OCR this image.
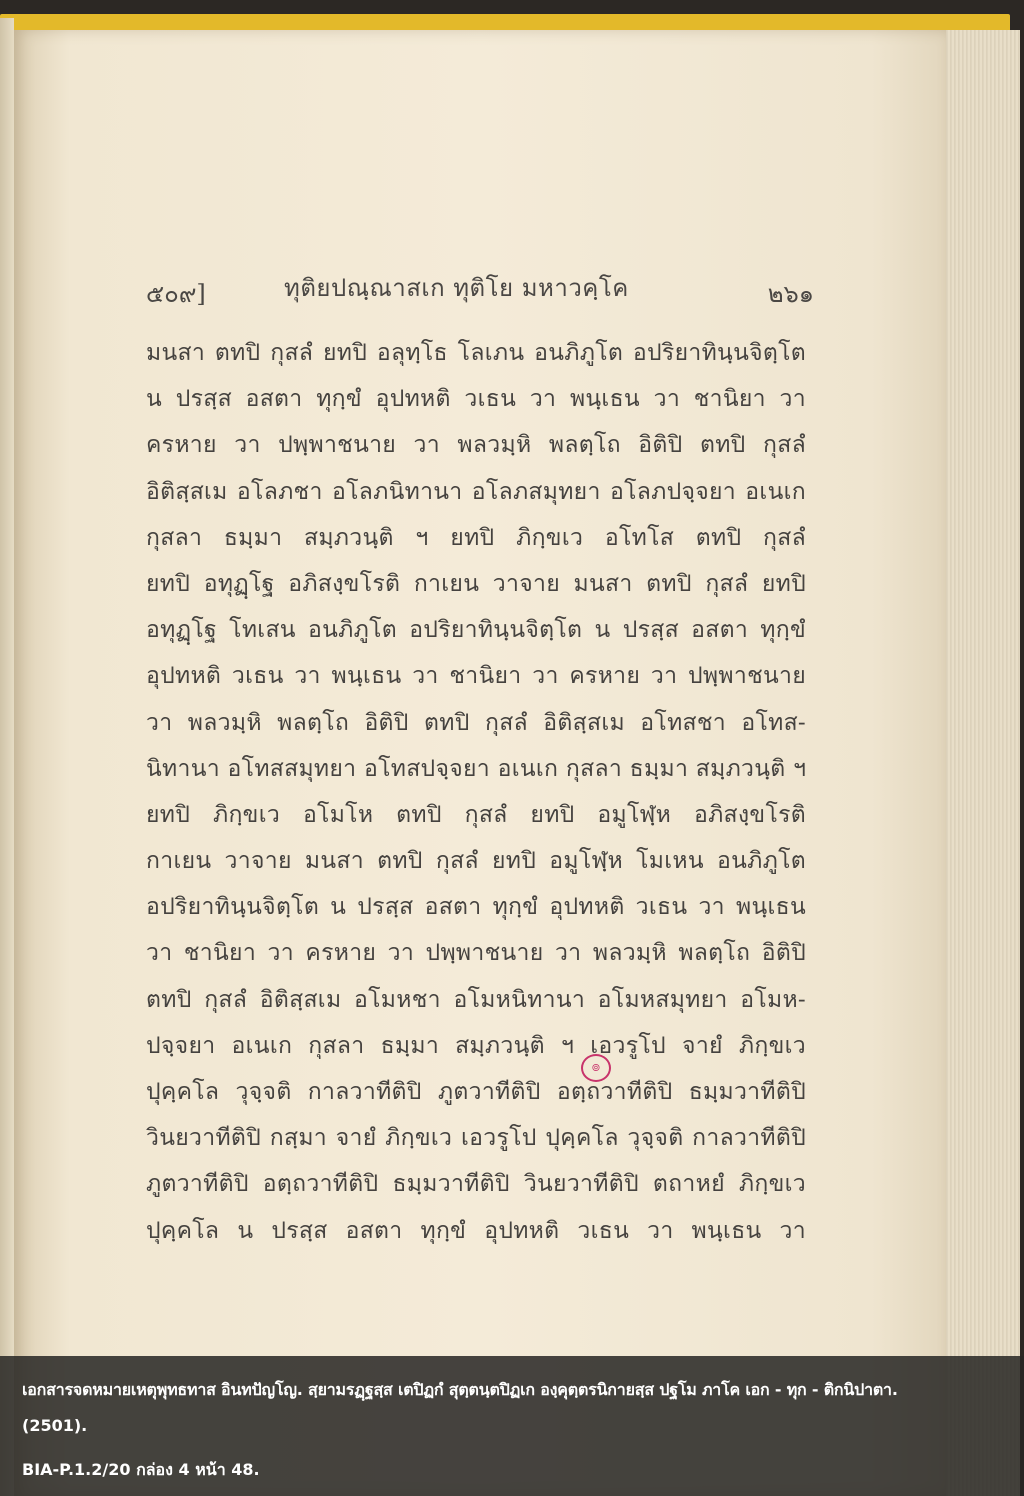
๕๐๙]	ทุติยปณฺณาสเก ทุติโย มหาวคฺโค	๒๖๑
มนสา ตทปิ กุสลํ ยทปิ อลุทฺโธ โลเภน อนภิภูโต อปริยาทินฺนจิตฺโต
น ปรสฺส อสตา ทุกฺขํ อุปทหติ วเธน วา พนฺเธน วา ชานิยา วา
ครหาย วา ปพฺพาชนาย วา พลวมฺหิ พลตฺโถ อิติปิ ตทปิ กุสลํ
อิติสฺสเม อโลภชา อโลภนิทานา อโลภสมุทยา อโลภปจฺจยา อเนเก
กุสลา ธมฺมา สมฺภวนฺติ ฯ ยทปิ ภิกฺขเว อโทโส ตทปิ กุสลํ
ยทปิ อทุฏฺโฐ อภิสงฺขโรติ กาเยน วาจาย มนสา ตทปิ กุสลํ ยทปิ
อทุฏฺโฐ โทเสน อนภิภูโต อปริยาทินฺนจิตฺโต น ปรสฺส อสตา ทุกฺขํ
อุปทหติ วเธน วา พนฺเธน วา ชานิยา วา ครหาย วา ปพฺพาชนาย
วา พลวมฺหิ พลตฺโถ อิติปิ ตทปิ กุสลํ อิติสฺสเม อโทสชา อโทส-
นิทานา อโทสสมุทยา อโทสปจฺจยา อเนเก กุสลา ธมฺมา สมฺภวนฺติ ฯ
ยทปิ ภิกฺขเว อโมโห ตทปิ กุสลํ ยทปิ อมูโฬฺห อภิสงฺขโรติ
กาเยน วาจาย มนสา ตทปิ กุสลํ ยทปิ อมูโฬฺห โมเหน อนภิภูโต
อปริยาทินฺนจิตฺโต น ปรสฺส อสตา ทุกฺขํ อุปทหติ วเธน วา พนฺเธน
วา ชานิยา วา ครหาย วา ปพฺพาชนาย วา พลวมฺหิ พลตฺโถ อิติปิ
ตทปิ กุสลํ อิติสฺสเม อโมหชา อโมหนิทานา อโมหสมุทยา อโมห-
ปจฺจยา อเนเก กุสลา ธมฺมา สมฺภวนฺติ ฯ เอวรูโป จายํ ภิกฺขเว
ปุคฺคโล วุจฺจติ กาลวาที‍ติปิ ภูตวาทีติปิ อตฺถวาทีติปิ ธมฺมวาทีติปิ
วินยวาทีติปิ กสฺมา จายํ ภิกฺขเว เอวรูโป ปุคฺคโล วุจฺจติ กาลวาทีติปิ
ภูตวาทีติปิ อตฺถวาทีติปิ ธมฺมวาทีติปิ วินยวาทีติปิ ตถาหยํ ภิกฺขเว
ปุคฺคโล น ปรสฺส อสตา ทุกฺขํ อุปทหติ วเธน วา พนฺเธน วา
๏
เอกสารจดหมายเหตุพุทธทาส อินทปัญโญ. สฺยามรฏฺฐสฺส เตปิฏกํ สุตฺตนฺตปิฏเก องฺคุตฺตรนิกายสฺส ปฐโม ภาโค เอก - ทุก - ติกนิปาตา.
(2501).
BIA-P.1.2/20 กล่อง 4 หน้า 48.
